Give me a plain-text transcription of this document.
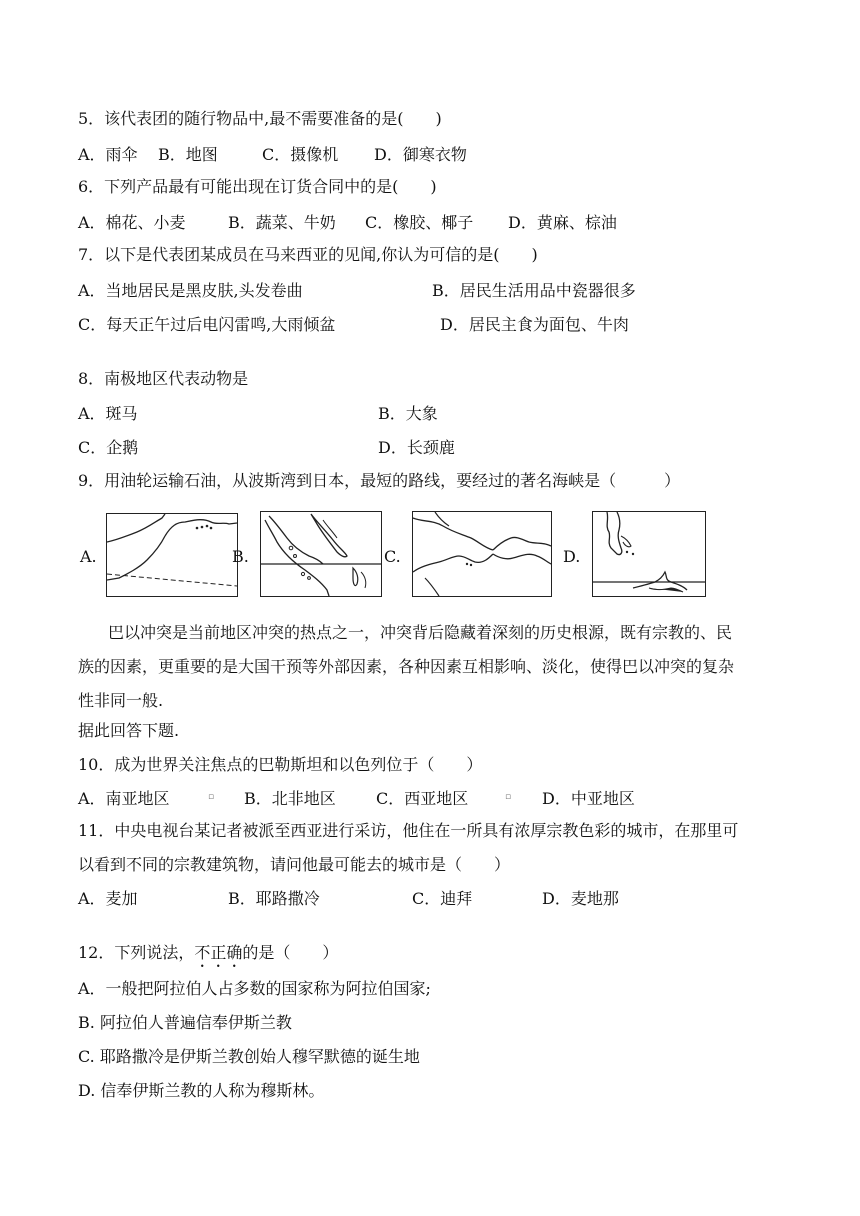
5．该代表团的随行物品中,最不需要准备的是(　　)
A．雨伞 B．地图	C．摄像机 D．御寒衣物
6．下列产品最有可能出现在订货合同中的是(　　)
A．棉花、小麦	B．蔬菜、牛奶 C．橡胶、椰子 D．黄麻、棕油
7．以下是代表团某成员在马来西亚的见闻,你认为可信的是(　　)
A．当地居民是黑皮肤,头发卷曲	B．居民生活用品中瓷器很多
C．每天正午过后电闪雷鸣,大雨倾盆	D．居民主食为面包、牛肉
8．南极地区代表动物是
A．斑马	B．大象
C．企鹅	D．长颈鹿
9．用油轮运输石油，从波斯湾到日本，最短的路线，要经过的著名海峡是（　　　）
A.	B.	C.	D.
巴以冲突是当前地区冲突的热点之一，冲突背后隐藏着深刻的历史根源，既有宗教的、民
族的因素，更重要的是大国干预等外部因素，各种因素互相影响、淡化，使得巴以冲突的复杂
性非同一般.
据此回答下题.
10．成为世界关注焦点的巴勒斯坦和以色列位于（　　）
A．南亚地区	▫ B．北非地区	C．西亚地区	▫ D．中亚地区
11．中央电视台某记者被派至西亚进行采访，他住在一所具有浓厚宗教色彩的城市，在那里可
以看到不同的宗教建筑物，请问他最可能去的城市是（　　）
A．麦加	B．耶路撒冷	C．迪拜	D．麦地那
12．下列说法，不正确的是（　　）
A．一般把阿拉伯人占多数的国家称为阿拉伯国家;
B. 阿拉伯人普遍信奉伊斯兰教
C. 耶路撒冷是伊斯兰教创始人穆罕默德的诞生地
D. 信奉伊斯兰教的人称为穆斯林。
